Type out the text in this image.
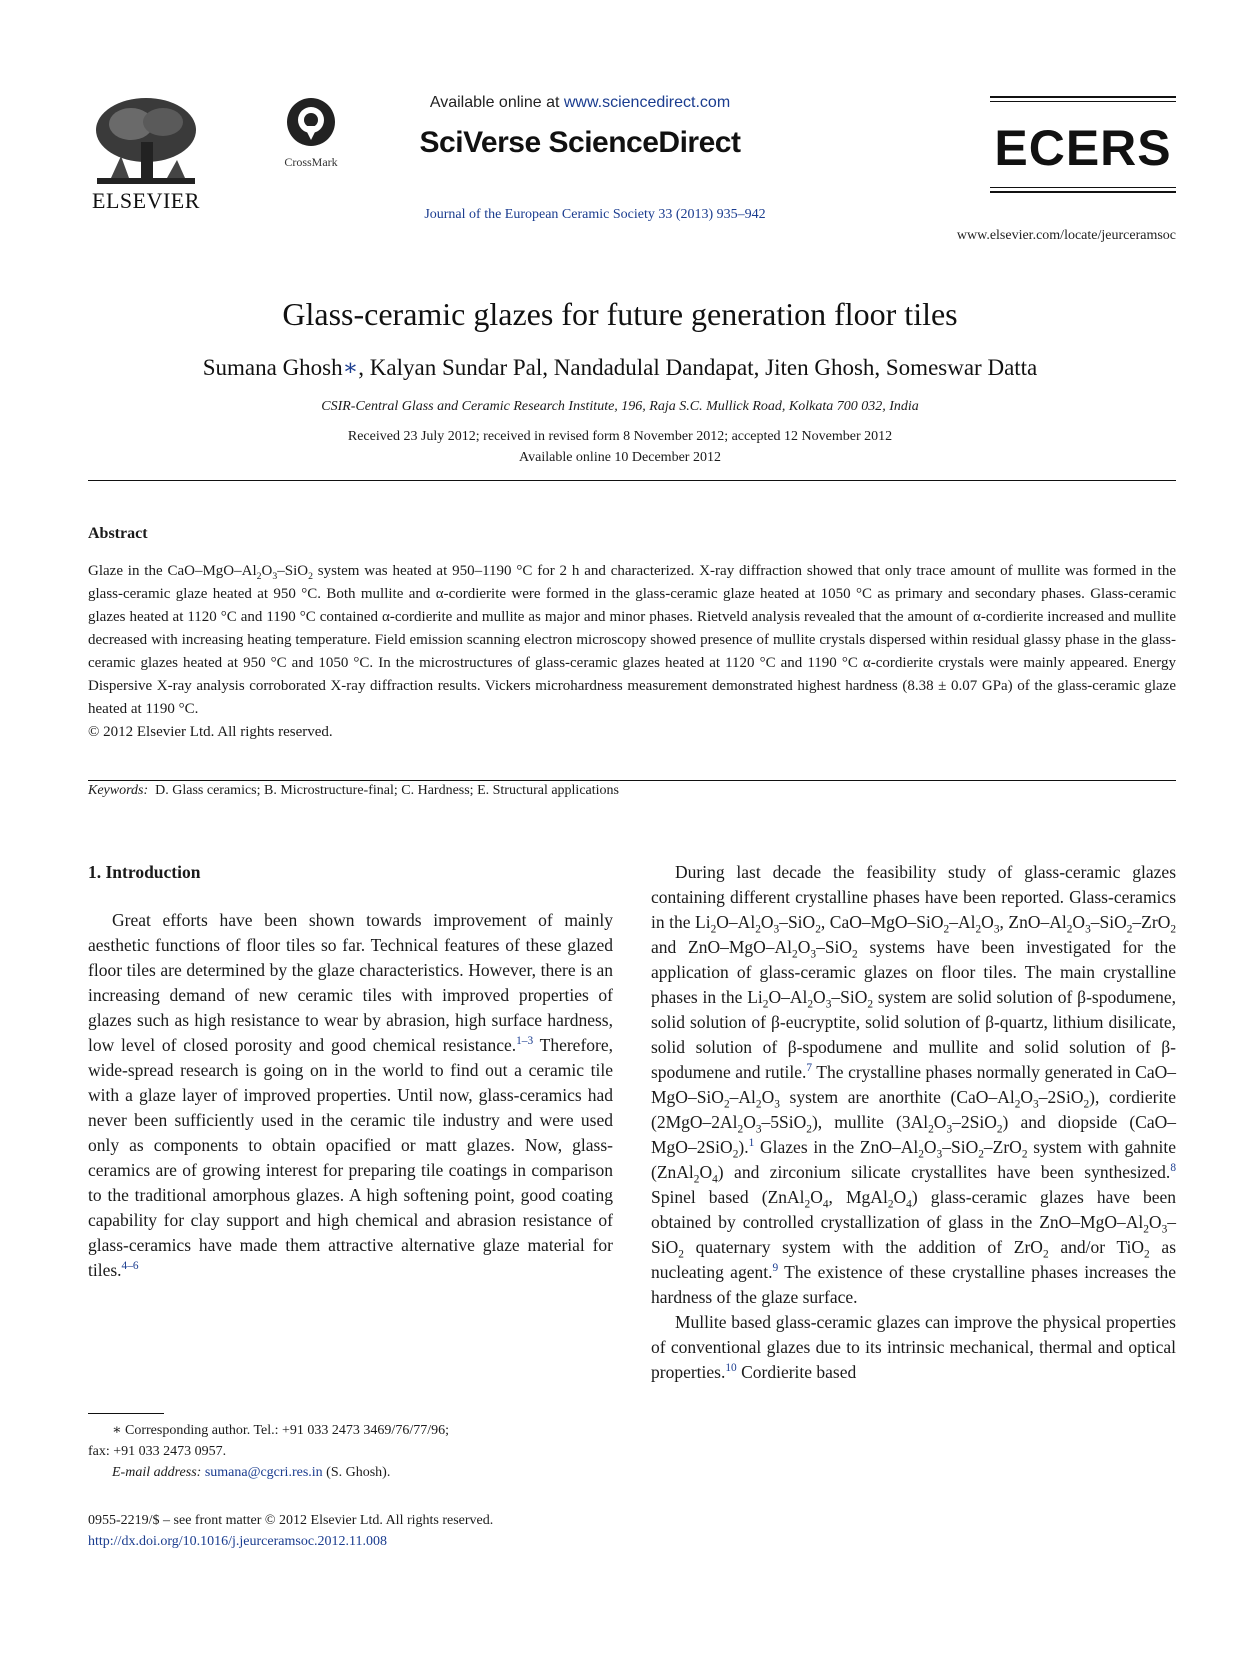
ELSEVIER
CrossMark
Available online at www.sciencedirect.com
SciVerse ScienceDirect
Journal of the European Ceramic Society 33 (2013) 935–942
ECERS
www.elsevier.com/locate/jeurceramsoc
Glass-ceramic glazes for future generation floor tiles
Sumana Ghosh∗, Kalyan Sundar Pal, Nandadulal Dandapat, Jiten Ghosh, Someswar Datta
CSIR-Central Glass and Ceramic Research Institute, 196, Raja S.C. Mullick Road, Kolkata 700 032, India
Received 23 July 2012; received in revised form 8 November 2012; accepted 12 November 2012
Available online 10 December 2012
Abstract

Glaze in the CaO–$MgO-Al_2O_3-SiO_2$ system was heated at 950–1190 °C for 2 h and characterized. X-ray diffraction showed that only trace amount of mullite was formed in the glass-ceramic glaze heated at 950 °C. Both mullite and α-cordierite were formed in the glass-ceramic glaze heated at 1050 °C as primary and secondary phases. Glass-ceramic glazes heated at 1120 °C and 1190 °C contained α-cordierite and mullite as major and minor phases. Rietveld analysis revealed that the amount of α-cordierite increased and mullite decreased with increasing heating temperature. Field emission scanning electron microscopy showed presence of mullite crystals dispersed within residual glassy phase in the glass-ceramic glazes heated at 950 °C and 1050 °C. In the microstructures of glass-ceramic glazes heated at 1120 °C and 1190 °C α-cordierite crystals were mainly appeared. Energy Dispersive X-ray analysis corroborated X-ray diffraction results. Vickers microhardness measurement demonstrated highest hardness (8.38 ± 0.07 GPa) of the glass-ceramic glaze heated at 1190 °C.

© 2012 Elsevier Ltd. All rights reserved.

Keywords: D. Glass ceramics; B. Microstructure-final; C. Hardness; E. Structural applications

1. Introduction

Great efforts have been shown towards improvement of mainly aesthetic functions of floor tiles so far. Technical features of these glazed floor tiles are determined by the glaze characteristics. However, there is an increasing demand of new ceramic tiles with improved properties of glazes such as high resistance to wear by abrasion, high surface hardness, low level of closed porosity and good chemical resistance.$^{1-3}$ Therefore, wide-spread research is going on in the world to find out a ceramic tile with a glaze layer of improved properties. Until now, glass-ceramics had never been sufficiently used in the ceramic tile industry and were used only as components to obtain opacified or matt glazes. Now, glass-ceramics are of growing interest for preparing tile coatings in comparison to the traditional amorphous glazes. A high softening point, good coating capability for clay support and high chemical and abrasion resistance of glass-ceramics have made them attractive alternative glaze material for tiles.$^{4-6}$

∗ Corresponding author. Tel.: +91 033 2473 3469/76/77/96;
fax: +91 033 2473 0957.
E-mail address: sumana@cgcri.res.in (S. Ghosh).
0955-2219/$ – see front matter © 2012 Elsevier Ltd. All rights reserved.
http://dx.doi.org/10.1016/j.jeurceramsoc.2012.11.008

During last decade the feasibility study of glass-ceramic glazes containing different crystalline phases have been reported. Glass-ceramics in the $Li_2O-Al_2O_3-SiO_2$, CaO–$MgO-SiO_2-Al_2O_3$, ZnO–$Al_2O_3-SiO_2-ZrO_2$ and ZnO–$MgO-Al_2O_3-SiO_2$ systems have been investigated for the application of glass-ceramic glazes on floor tiles. The main crystalline phases in the $Li_2O-Al_2O_3-SiO_2$ system are solid solution of β-spodumene, solid solution of β-eucryptite, solid solution of β-quartz, lithium disilicate, solid solution of β-spodumene and mullite and solid solution of β-spodumene and rutile.$^7$ The crystalline phases normally generated in CaO–$MgO-SiO_2-Al_2O_3$ system are anorthite $(CaO-Al_2O_3-2SiO_2)$, cordierite $(2MgO-2Al_2O_3-5SiO_2)$, mullite $(3Al_2O_3-2SiO_2)$ and diopside (CaO–MgO–2SiO$_2$).$^1$ Glazes in the ZnO–$Al_2O_3-SiO_2-ZrO_2$ system with gahnite $(ZnAl_2O_4)$ and zirconium silicate crystallites have been synthesized.$^8$ Spinel based ($ZnAl_2O_4$, $MgAl_2O_4$) glass-ceramic glazes have been obtained by controlled crystallization of glass in the ZnO–$MgO-Al_2O_3-SiO_2$ quaternary system with the addition of ZrO$_2$ and/or TiO$_2$ as nucleating agent.$^9$ The existence of these crystalline phases increases the hardness of the glaze surface.

Mullite based glass-ceramic glazes can improve the physical properties of conventional glazes due to its intrinsic mechanical, thermal and optical properties.$^{10}$ Cordierite based
